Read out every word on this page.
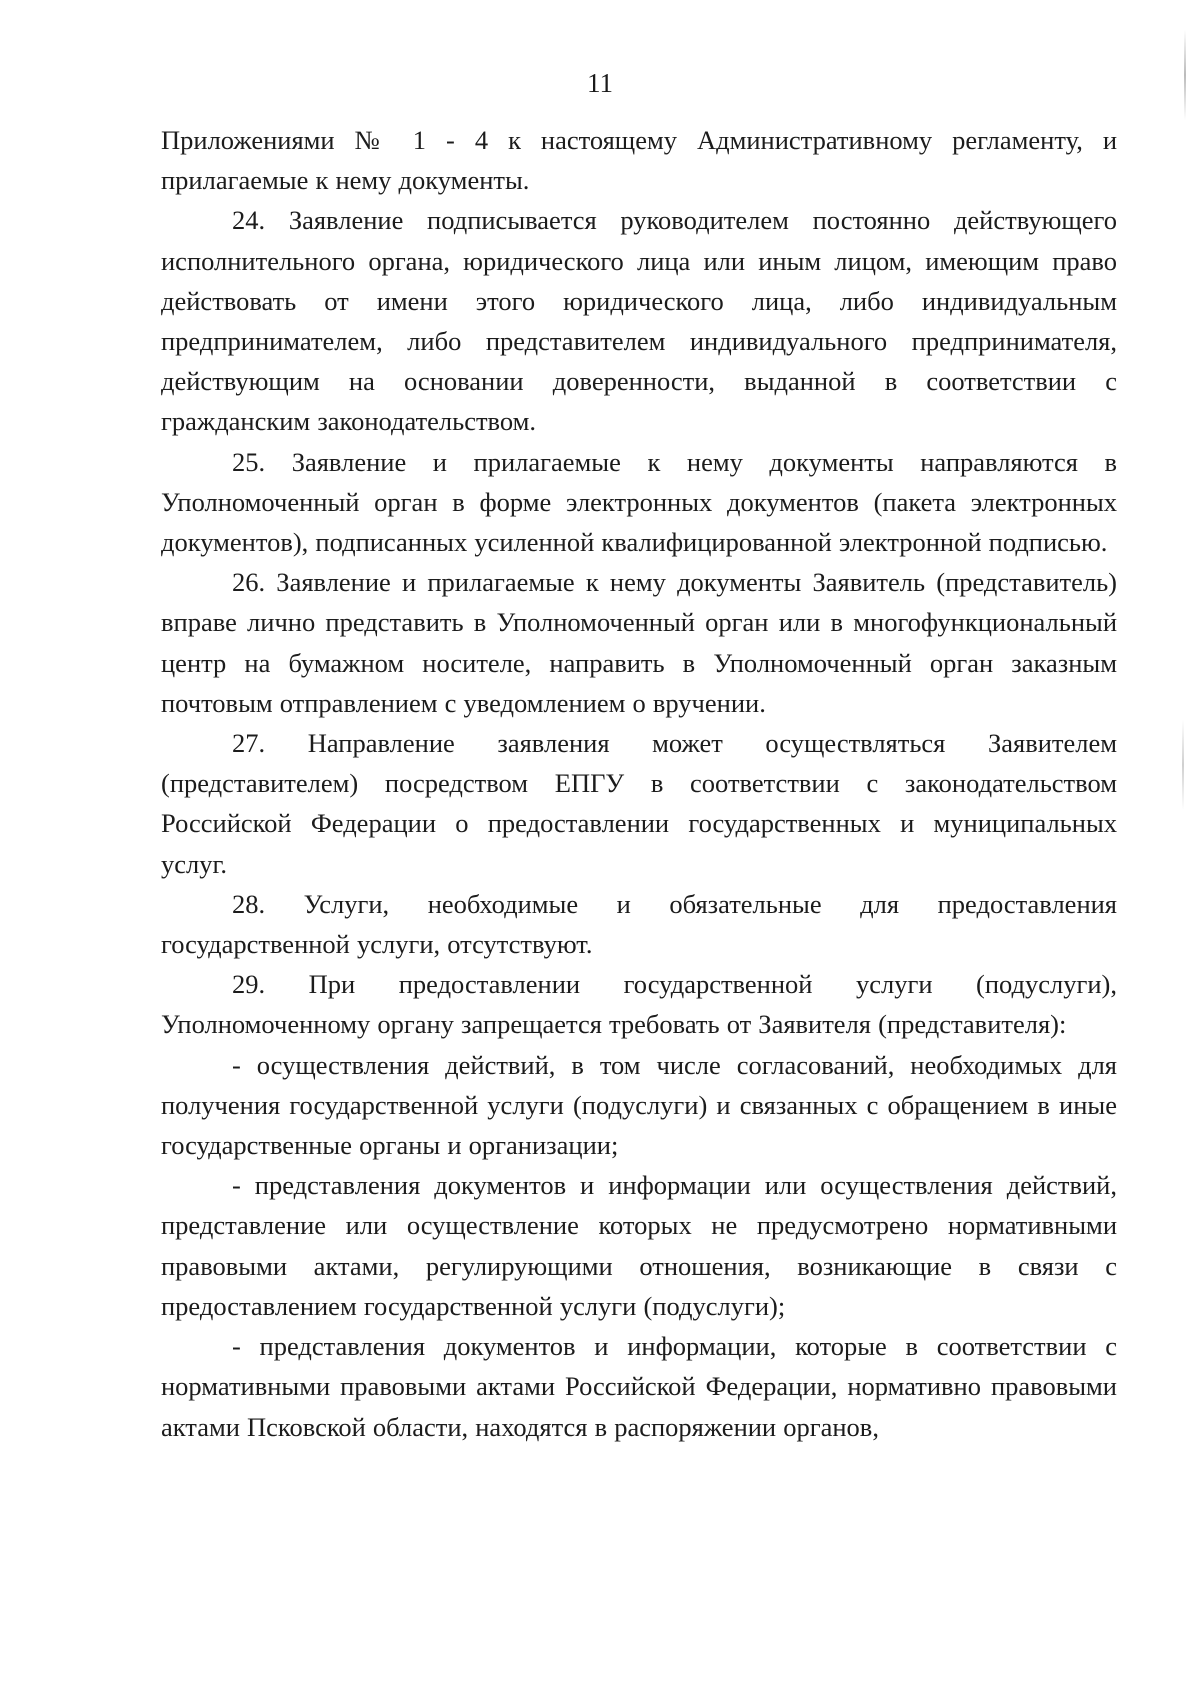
11

Приложениями № 1 - 4 к настоящему Административному регламенту, и прилагаемые к нему документы.

24. Заявление подписывается руководителем постоянно действующего исполнительного органа, юридического лица или иным лицом, имеющим право действовать от имени этого юридического лица, либо индивидуальным предпринимателем, либо представителем индивидуального предпринимателя, действующим на основании доверенности, выданной в соответствии с гражданским законодательством.

25. Заявление и прилагаемые к нему документы направляются в Уполномоченный орган в форме электронных документов (пакета электронных документов), подписанных усиленной квалифицированной электронной подписью.

26. Заявление и прилагаемые к нему документы Заявитель (представитель) вправе лично представить в Уполномоченный орган или в многофункциональный центр на бумажном носителе, направить в Уполномоченный орган заказным почтовым отправлением с уведомлением о вручении.

27. Направление заявления может осуществляться Заявителем (представителем) посредством ЕПГУ в соответствии с законодательством Российской Федерации о предоставлении государственных и муниципальных услуг.

28. Услуги, необходимые и обязательные для предоставления государственной услуги, отсутствуют.

29. При предоставлении государственной услуги (подуслуги), Уполномоченному органу запрещается требовать от Заявителя (представителя):

- осуществления действий, в том числе согласований, необходимых для получения государственной услуги (подуслуги) и связанных с обращением в иные государственные органы и организации;

- представления документов и информации или осуществления действий, представление или осуществление которых не предусмотрено нормативными правовыми актами, регулирующими отношения, возникающие в связи с предоставлением государственной услуги (подуслуги);

- представления документов и информации, которые в соответствии с нормативными правовыми актами Российской Федерации, нормативно правовыми актами Псковской области, находятся в распоряжении органов,
